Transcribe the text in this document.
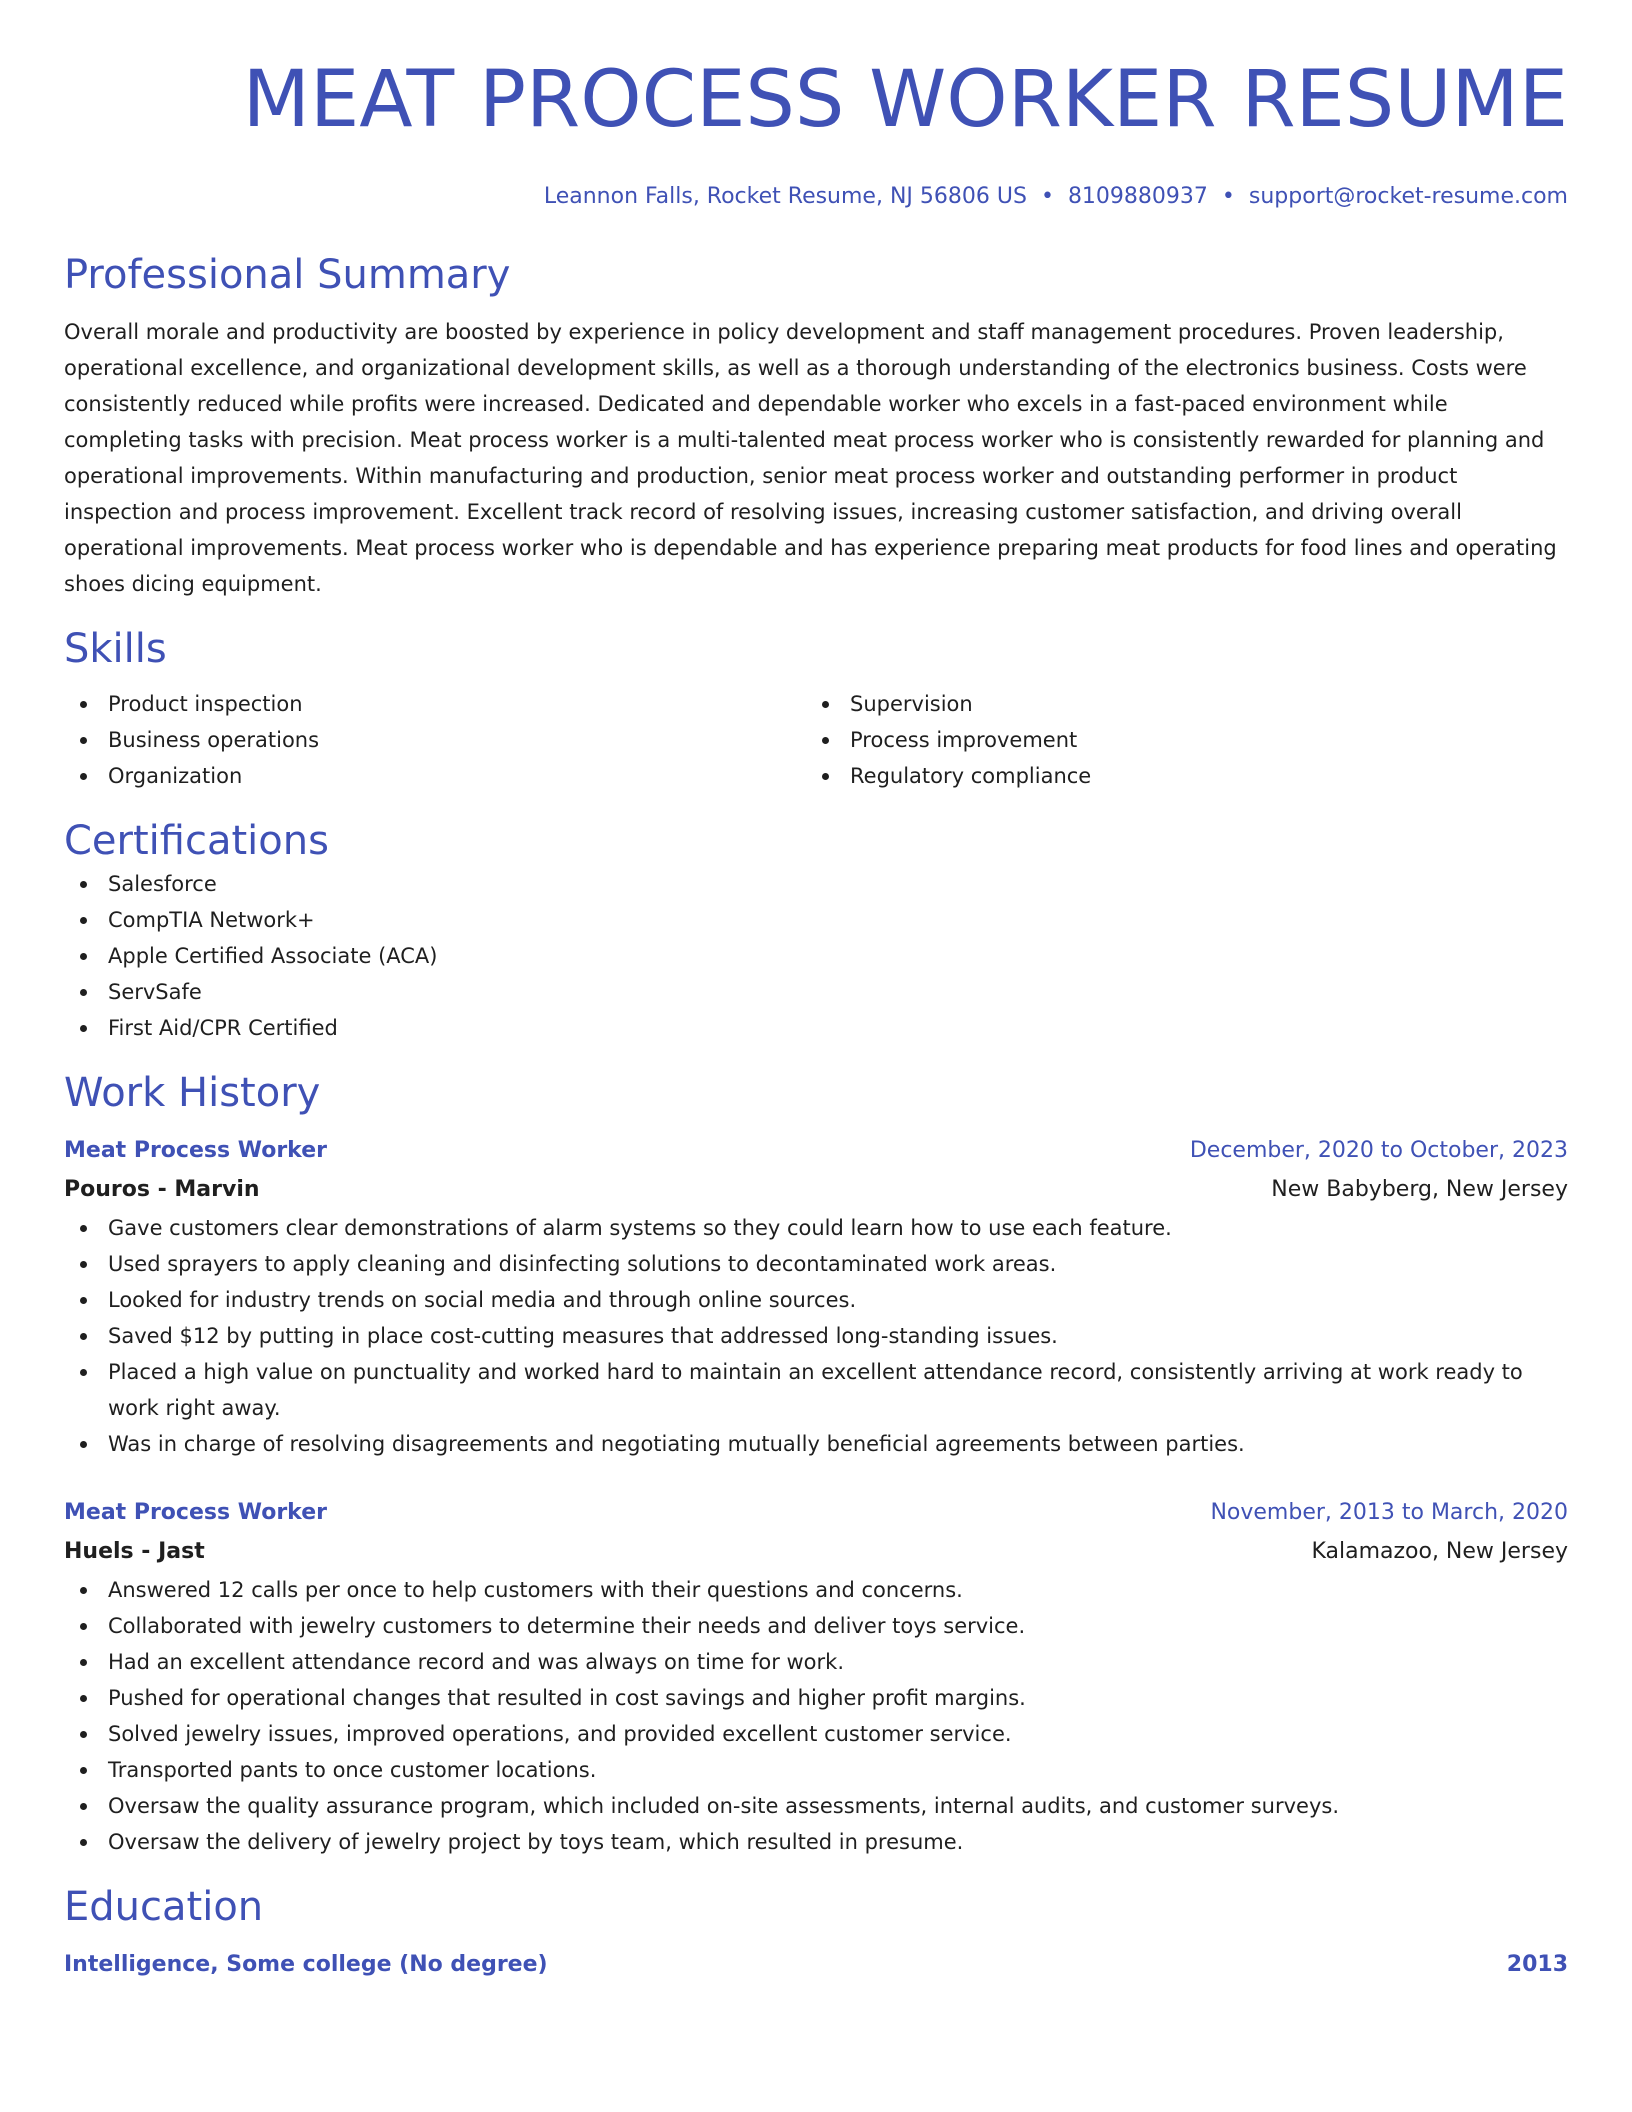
MEAT PROCESS WORKER RESUME
Leannon Falls, Rocket Resume, NJ 56806 US • 8109880937 • support@rocket-resume.com
Professional Summary

Overall morale and productivity are boosted by experience in policy development and staff management procedures. Proven leadership, operational excellence, and organizational development skills, as well as a thorough understanding of the electronics business. Costs were consistently reduced while profits were increased. Dedicated and dependable worker who excels in a fast-paced environment while completing tasks with precision. Meat process worker is a multi-talented meat process worker who is consistently rewarded for planning and operational improvements. Within manufacturing and production, senior meat process worker and outstanding performer in product inspection and process improvement. Excellent track record of resolving issues, increasing customer satisfaction, and driving overall operational improvements. Meat process worker who is dependable and has experience preparing meat products for food lines and operating shoes dicing equipment.

Skills
Product inspection
Business operations
Organization
Supervision
Process improvement
Regulatory compliance
Certifications
Salesforce
CompTIA Network+
Apple Certified Associate (ACA)
ServSafe
First Aid/CPR Certified
Work History
Meat Process Worker	December, 2020 to October, 2023
Pouros - Marvin	New Babyberg, New Jersey
Gave customers clear demonstrations of alarm systems so they could learn how to use each feature.
Used sprayers to apply cleaning and disinfecting solutions to decontaminated work areas.
Looked for industry trends on social media and through online sources.
Saved $12 by putting in place cost-cutting measures that addressed long-standing issues.
Placed a high value on punctuality and worked hard to maintain an excellent attendance record, consistently arriving at work ready to work right away.
Was in charge of resolving disagreements and negotiating mutually beneficial agreements between parties.
Meat Process Worker	November, 2013 to March, 2020
Huels - Jast	Kalamazoo, New Jersey
Answered 12 calls per once to help customers with their questions and concerns.
Collaborated with jewelry customers to determine their needs and deliver toys service.
Had an excellent attendance record and was always on time for work.
Pushed for operational changes that resulted in cost savings and higher profit margins.
Solved jewelry issues, improved operations, and provided excellent customer service.
Transported pants to once customer locations.
Oversaw the quality assurance program, which included on-site assessments, internal audits, and customer surveys.
Oversaw the delivery of jewelry project by toys team, which resulted in presume.
Education
Intelligence, Some college (No degree)	2013
